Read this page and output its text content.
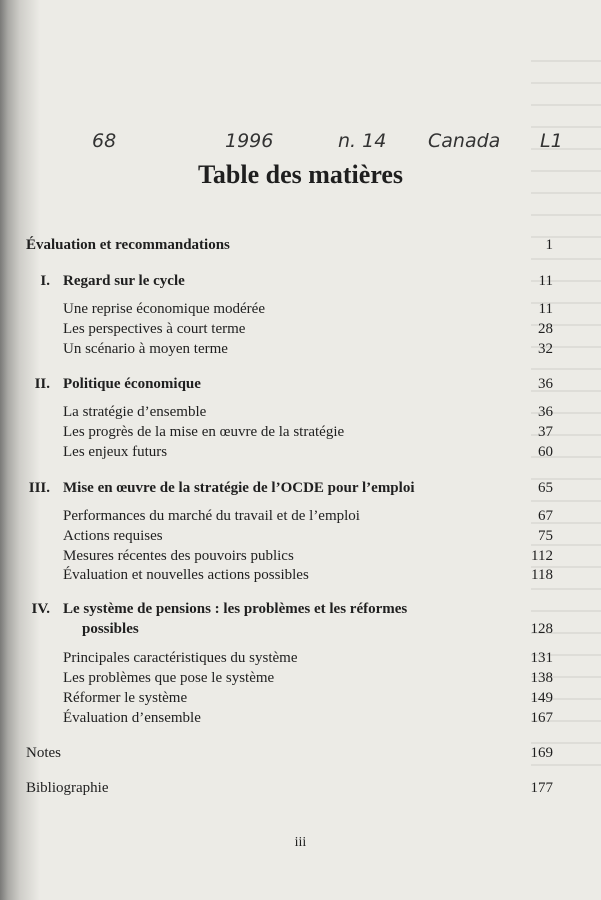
68	1996	n. 14 Canada L1
Table des matières
Évaluation et recommandations	1
I. Regard sur le cycle	11
Une reprise économique modérée	11
Les perspectives à court terme	28
Un scénario à moyen terme	32
II. Politique économique	36
La stratégie d’ensemble	36
Les progrès de la mise en œuvre de la stratégie	37
Les enjeux futurs	60
III. Mise en œuvre de la stratégie de l’OCDE pour l’emploi	65
Performances du marché du travail et de l’emploi	67
Actions requises	75
Mesures récentes des pouvoirs publics	112
Évaluation et nouvelles actions possibles	118
IV. Le système de pensions : les problèmes et les réformes
possibles	128
Principales caractéristiques du système	131
Les problèmes que pose le système	138
Réformer le système	149
Évaluation d’ensemble	167
Notes	169
Bibliographie	177
iii
